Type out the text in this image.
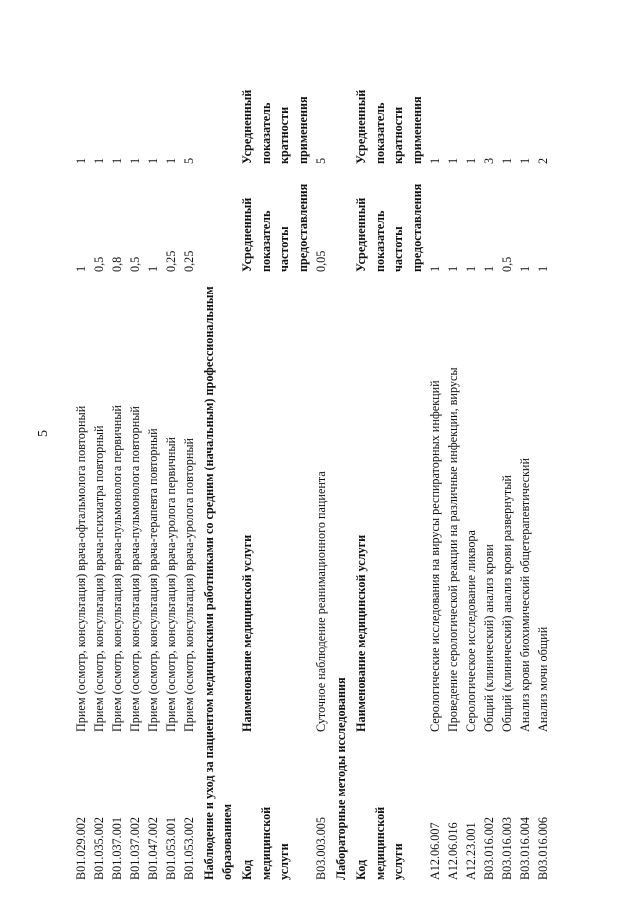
5
B01.029.002
Прием (осмотр, консультация) врача-офтальмолога повторный
1
1
B01.035.002
Прием (осмотр, консультация) врача-психиатра повторный
0,5
1
B01.037.001
Прием (осмотр, консультация) врача-пульмонолога первичный
0,8
1
B01.037.002
Прием (осмотр, консультация) врача-пульмонолога повторный
0,5
1
B01.047.002
Прием (осмотр, консультация) врача-терапевта повторный
1
1
B01.053.001
Прием (осмотр, консультация) врача-уролога первичный
0,25
1
B01.053.002
Прием (осмотр, консультация) врача-уролога повторный
0,25
5
Наблюдение и уход за пациентом медицинскими работниками со средним (начальным) профессиональным образованием Код медицинской услуги
Наименование медицинской услуги
Усредненный показатель частоты предоставления
Усредненный показатель кратности применения
B03.003.005
Суточное наблюдение реанимационного пациента
0,05
5
Лабораторные методы исследования Код медицинской услуги
Наименование медицинской услуги
Усредненный показатель частоты предоставления
Усредненный показатель кратности применения
A12.06.007
Серологические исследования на вирусы респираторных инфекций
1
1
A12.06.016
Проведение серологической реакции на различные инфекции, вирусы
1
1
A12.23.001
Серологическое исследование ликвора
1
1
B03.016.002
Общий (клинический) анализ крови
1
3
B03.016.003
Общий (клинический) анализ крови развернутый
0,5
1
B03.016.004
Анализ крови биохимический общетерапевтический
1
1
B03.016.006
Анализ мочи общий
1
2
